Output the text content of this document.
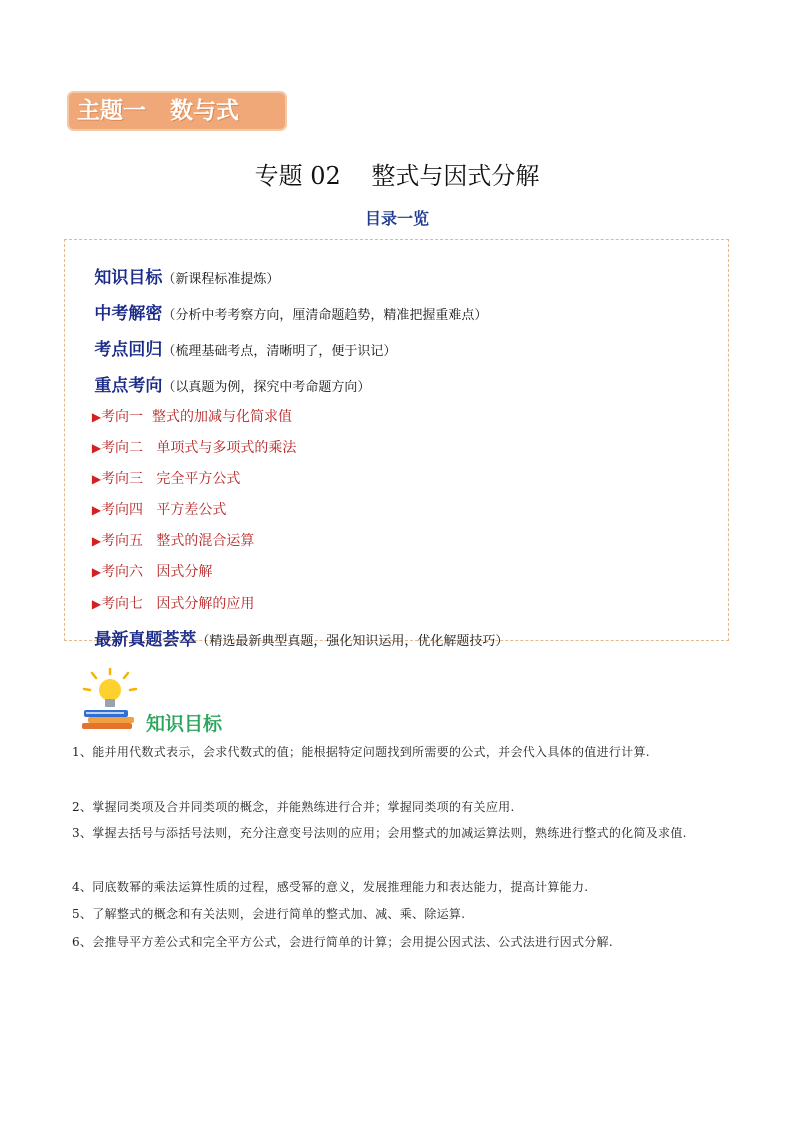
主题一   数与式
专题 02    整式与因式分解
目录一览

知识目标（新课程标准提炼）

中考解密（分析中考考察方向，厘清命题趋势，精准把握重难点）

考点回归（梳理基础考点，清晰明了，便于识记）

重点考向（以真题为例，探究中考命题方向）

▶考向一 整式的加减与化简求值

▶考向二 单项式与多项式的乘法

▶考向三 完全平方公式

▶考向四 平方差公式

▶考向五 整式的混合运算

▶考向六 因式分解

▶考向七 因式分解的应用

最新真题荟萃（精选最新典型真题，强化知识运用，优化解题技巧）

知识目标
1、能并用代数式表示，会求代数式的值；能根据特定问题找到所需要的公式，并会代入具体的值进行计算.
2、掌握同类项及合并同类项的概念，并能熟练进行合并；掌握同类项的有关应用.
3、掌握去括号与添括号法则，充分注意变号法则的应用；会用整式的加减运算法则，熟练进行整式的化简及求值.
4、同底数幂的乘法运算性质的过程，感受幂的意义，发展推理能力和表达能力，提高计算能力.
5、了解整式的概念和有关法则，会进行简单的整式加、减、乘、除运算.
6、会推导平方差公式和完全平方公式，会进行简单的计算；会用提公因式法、公式法进行因式分解.
